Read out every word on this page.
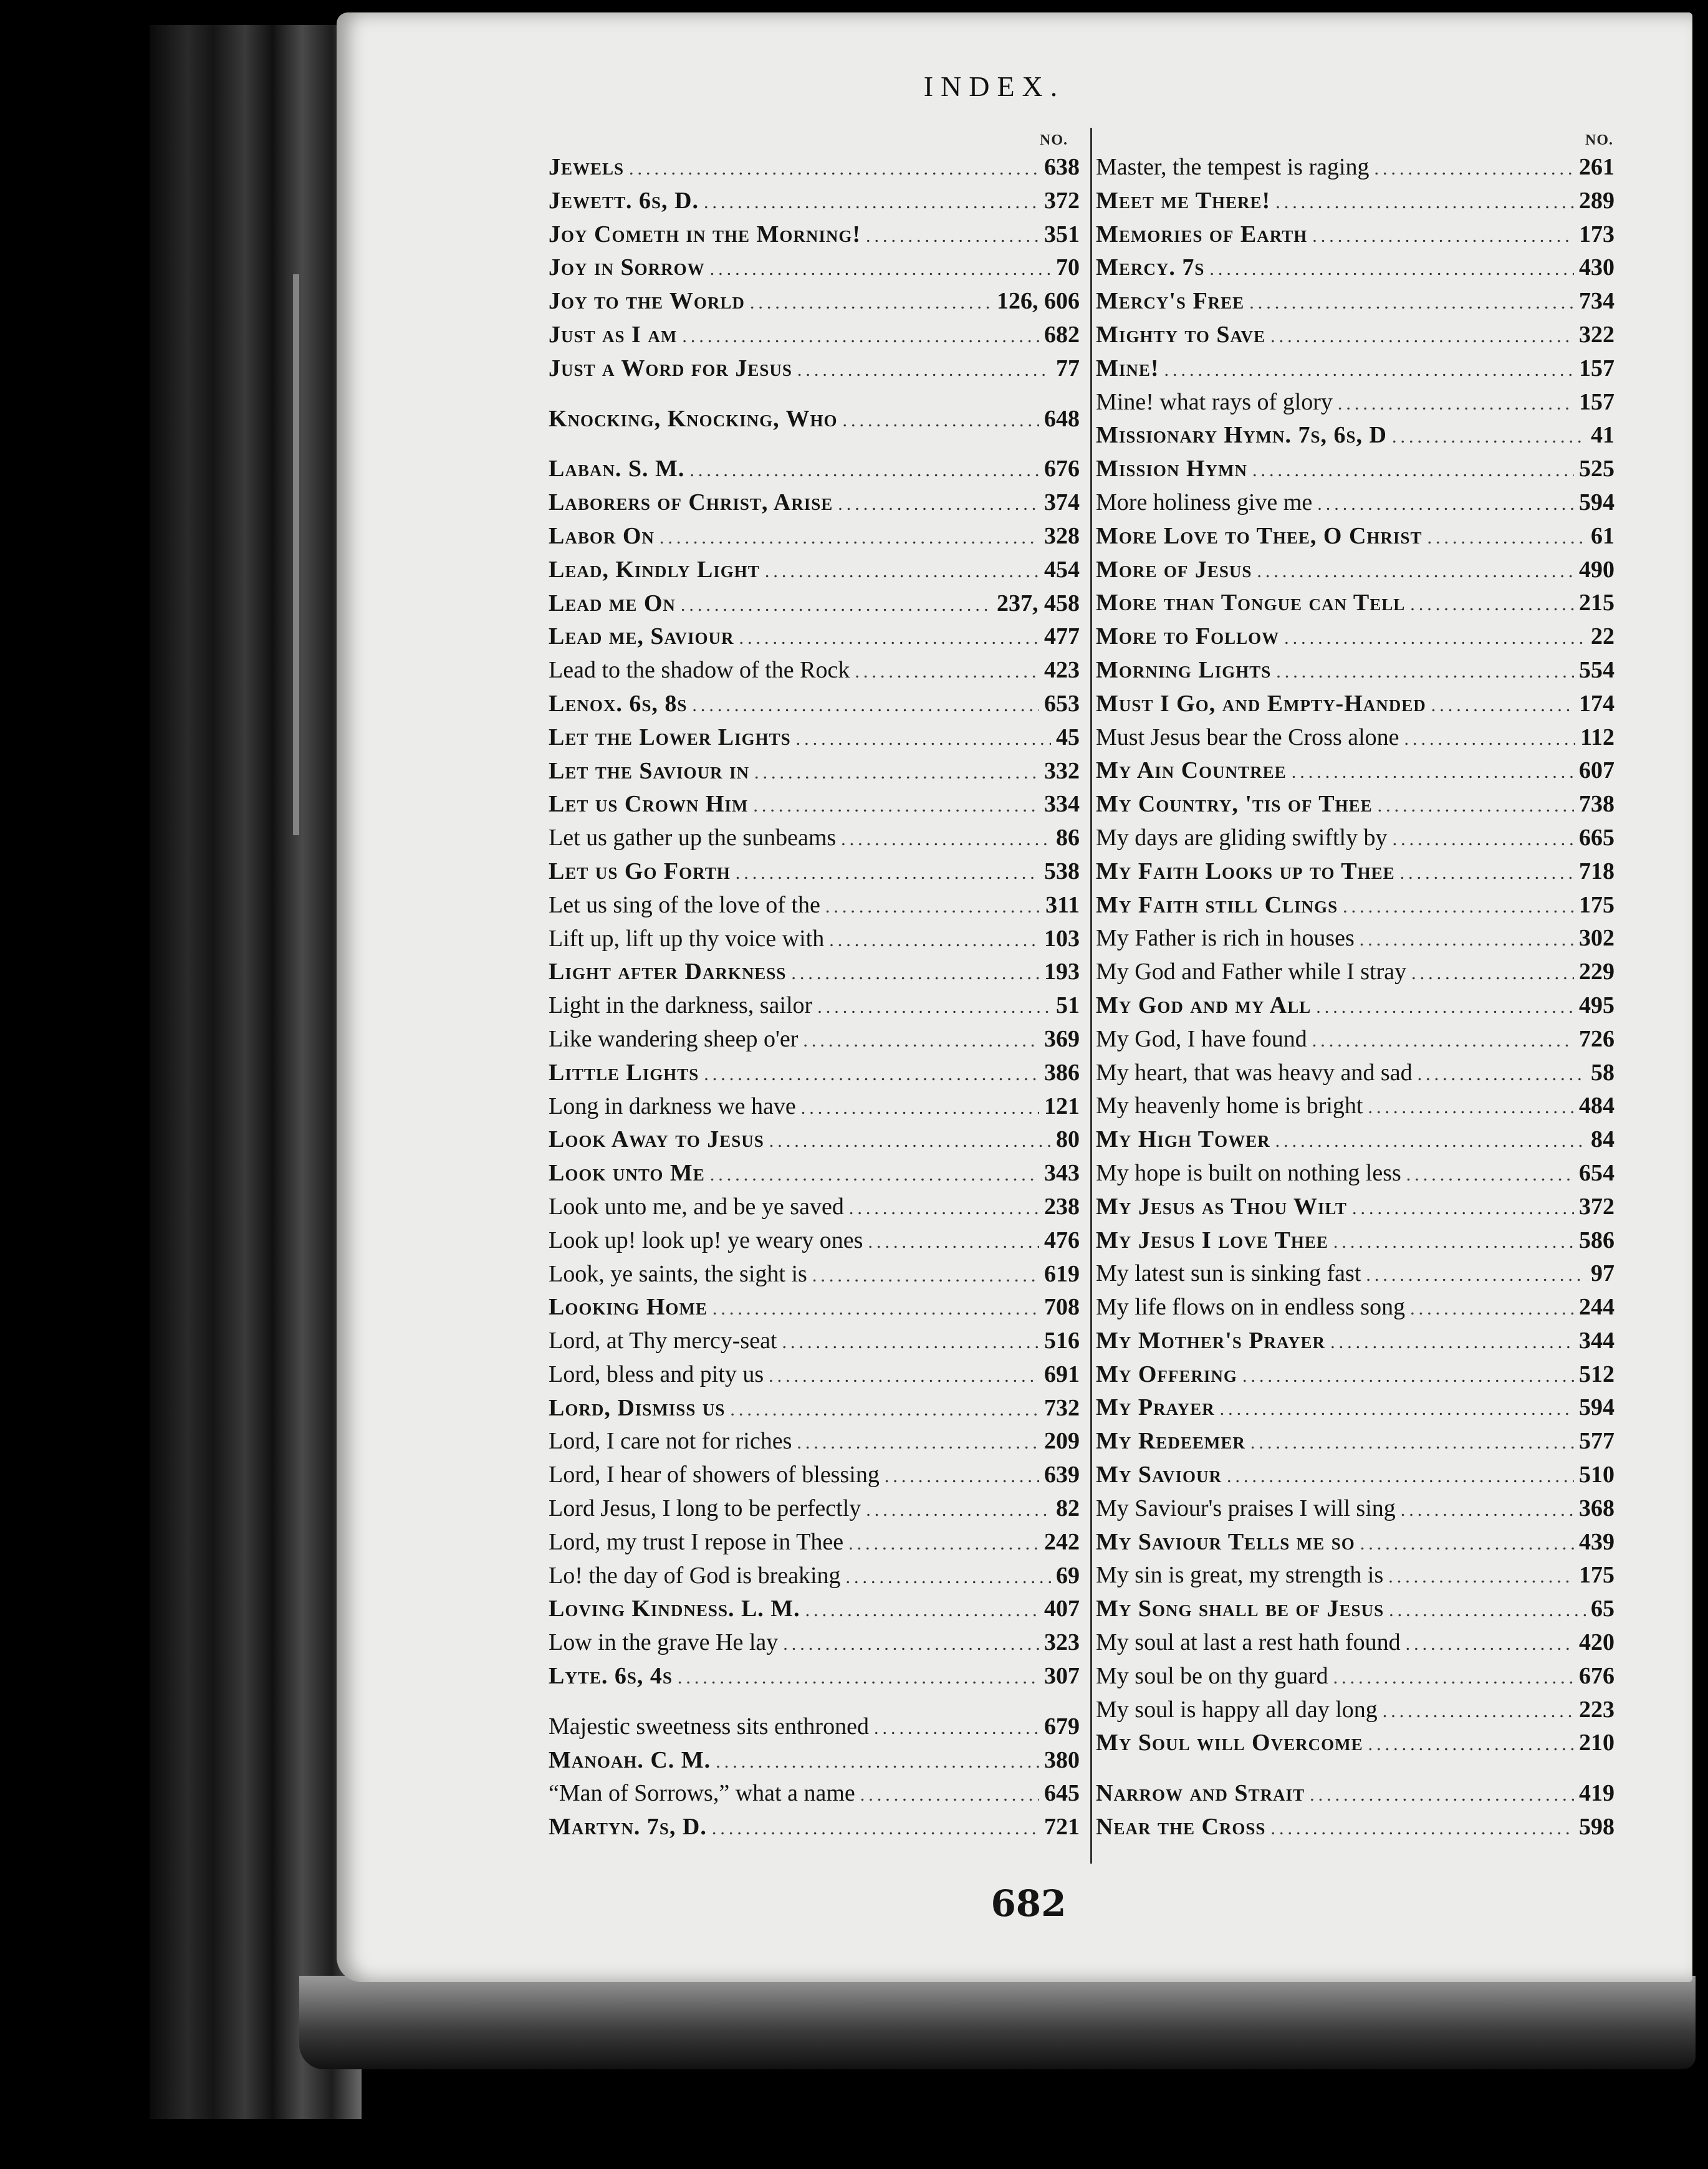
INDEX.
NO.	NO.
Jewels .....	638
Jewett. 6s, D. .....	372
Joy Cometh in the Morning! .....	351
Joy in Sorrow .....	70
Joy to the World .....	126, 606
Just as I am .....	682
Just a Word for Jesus .....	77
Knocking, Knocking, Who .....	648
Laban. S. M. .....	676
Laborers of Christ, Arise .....	374
Labor On .....	328
Lead, Kindly Light .....	454
Lead me On .....	237, 458
Lead me, Saviour .....	477
Lead to the shadow of the Rock .....	423
Lenox. 6s, 8s .....	653
Let the Lower Lights .....	45
Let the Saviour in .....	332
Let us Crown Him .....	334
Let us gather up the sunbeams .....	86
Let us Go Forth .....	538
Let us sing of the love of the .....	311
Lift up, lift up thy voice with .....	103
Light after Darkness .....	193
Light in the darkness, sailor .....	51
Like wandering sheep o'er .....	369
Little Lights .....	386
Long in darkness we have .....	121
Look Away to Jesus .....	80
Look unto Me .....	343
Look unto me, and be ye saved .....	238
Look up! look up! ye weary ones .....	476
Look, ye saints, the sight is .....	619
Looking Home .....	708
Lord, at Thy mercy-seat .....	516
Lord, bless and pity us .....	691
Lord, Dismiss us .....	732
Lord, I care not for riches .....	209
Lord, I hear of showers of blessing .....	639
Lord Jesus, I long to be perfectly .....	82
Lord, my trust I repose in Thee .....	242
Lo! the day of God is breaking .....	69
Loving Kindness. L. M. .....	407
Low in the grave He lay .....	323
Lyte. 6s, 4s .....	307
Majestic sweetness sits enthroned .....	679
Manoah. C. M. .....	380
“Man of Sorrows,” what a name .....	645
Martyn. 7s, D. .....	721
Master, the tempest is raging .....	261
Meet me There! .....	289
Memories of Earth .....	173
Mercy. 7s .....	430
Mercy's Free .....	734
Mighty to Save .....	322
Mine! .....	157
Mine! what rays of glory .....	157
Missionary Hymn. 7s, 6s, D .....	41
Mission Hymn .....	525
More holiness give me .....	594
More Love to Thee, O Christ .....	61
More of Jesus .....	490
More than Tongue can Tell .....	215
More to Follow .....	22
Morning Lights .....	554
Must I Go, and Empty-Handed .....	174
Must Jesus bear the Cross alone .....	112
My Ain Countree .....	607
My Country, 'tis of Thee .....	738
My days are gliding swiftly by .....	665
My Faith Looks up to Thee .....	718
My Faith still Clings .....	175
My Father is rich in houses .....	302
My God and Father while I stray .....	229
My God and my All .....	495
My God, I have found .....	726
My heart, that was heavy and sad .....	58
My heavenly home is bright .....	484
My High Tower .....	84
My hope is built on nothing less .....	654
My Jesus as Thou Wilt .....	372
My Jesus I love Thee .....	586
My latest sun is sinking fast .....	97
My life flows on in endless song .....	244
My Mother's Prayer .....	344
My Offering .....	512
My Prayer .....	594
My Redeemer .....	577
My Saviour .....	510
My Saviour's praises I will sing .....	368
My Saviour Tells me so .....	439
My sin is great, my strength is .....	175
My Song shall be of Jesus .....	65
My soul at last a rest hath found .....	420
My soul be on thy guard .....	676
My soul is happy all day long .....	223
My Soul will Overcome .....	210
Narrow and Strait .....	419
Near the Cross .....	598
682
